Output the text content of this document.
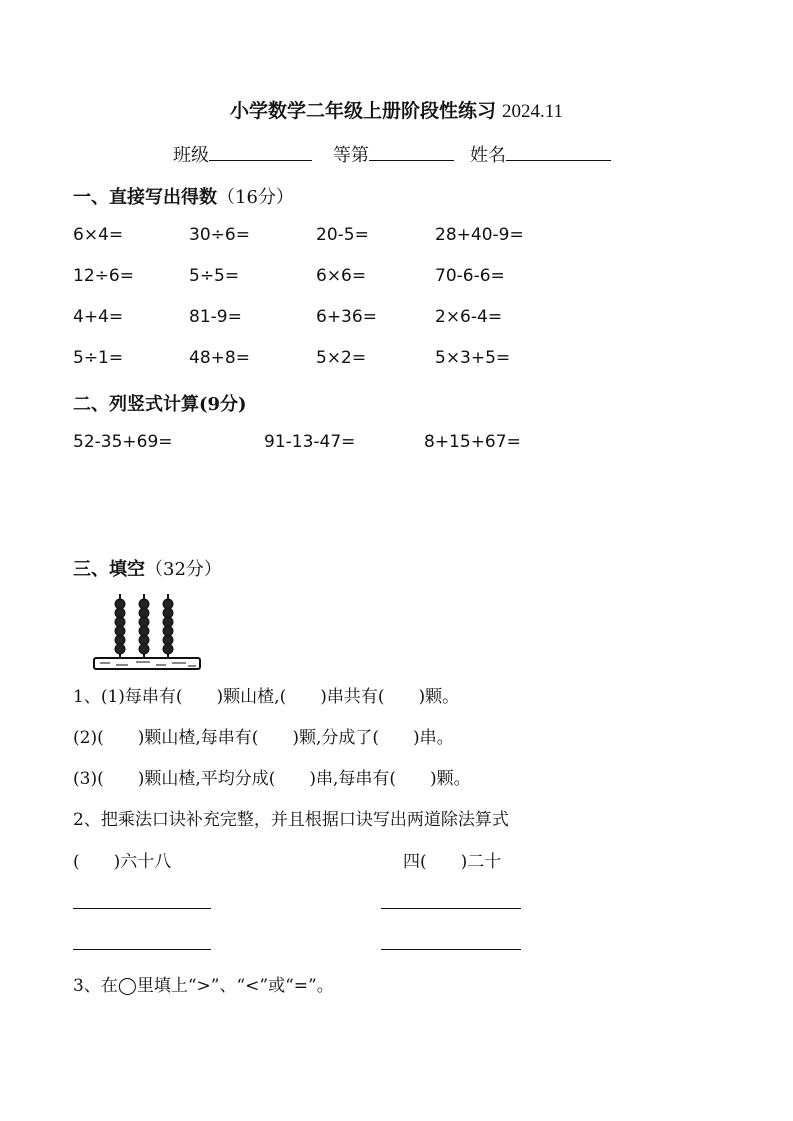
小学数学二年级上册阶段性练习 2024.11
班级	等第	姓名
一、直接写出得数（16分）
6×4=	30÷6=	20-5=	28+40-9=
12÷6=	5÷5=	6×6=	70-6-6=
4+4=	81-9=	6+36=	2×6-4=
5÷1=	48+8=	5×2=	5×3+5=
二、列竖式计算(9分)
52-35+69=	91-13-47=	8+15+67=
三、填空（32分）
1、(1)每串有(　　)颗山楂,(　　)串共有(　　)颗。
(2)(　　)颗山楂,每串有(　　)颗,分成了(　　)串。
(3)(　　)颗山楂,平均分成(　　)串,每串有(　　)颗。
2、把乘法口诀补充完整，并且根据口诀写出两道除法算式
(　　)六十八	四(　　)二十
3、在◯里填上“>”、“<”或“=”。
